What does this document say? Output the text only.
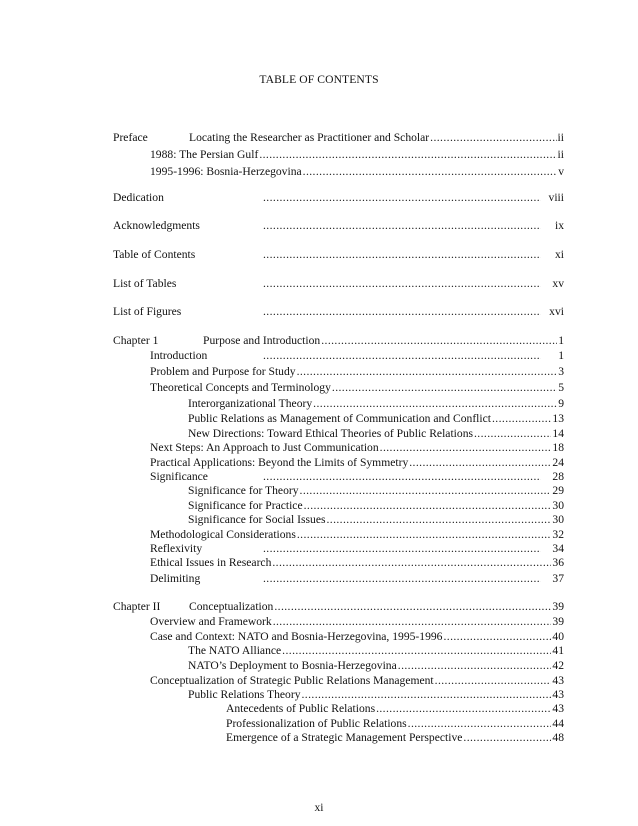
TABLE OF CONTENTS
Preface	Locating the Researcher as Practitioner and Scholar .....	ii
1988: The Persian Gulf .....	ii
1995-1996: Bosnia-Herzegovina .....	v
Dedication .....	viii
Acknowledgments .....	ix
Table of Contents .....	xi
List of Tables .....	xv
List of Figures .....	xvi
Chapter 1	Purpose and Introduction .....	1
Introduction .....	1
Problem and Purpose for Study .....	3
Theoretical Concepts and Terminology .....	5
Interorganizational Theory .....	9
Public Relations as Management of Communication and Conflict .....	13
New Directions: Toward Ethical Theories of Public Relations .....	14
Next Steps: An Approach to Just Communication .....	18
Practical Applications: Beyond the Limits of Symmetry .....	24
Significance .....	28
Significance for Theory .....	29
Significance for Practice .....	30
Significance for Social Issues .....	30
Methodological Considerations .....	32
Reflexivity .....	34
Ethical Issues in Research .....	36
Delimiting .....	37
Chapter II	Conceptualization .....	39
Overview and Framework .....	39
Case and Context: NATO and Bosnia-Herzegovina, 1995-1996 .....	40
The NATO Alliance .....	41
NATO’s Deployment to Bosnia-Herzegovina .....	42
Conceptualization of Strategic Public Relations Management .....	43
Public Relations Theory .....	43
Antecedents of Public Relations .....	43
Professionalization of Public Relations .....	44
Emergence of a Strategic Management Perspective .....	48
xi
